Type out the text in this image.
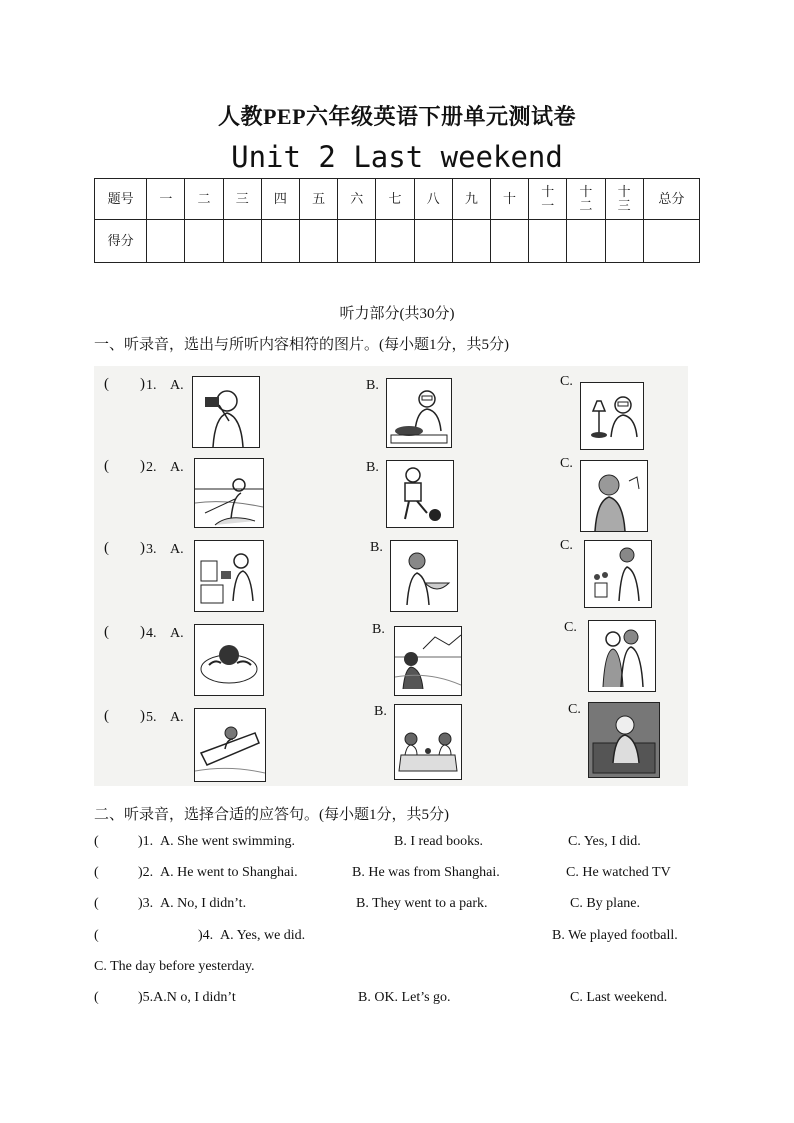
人教PEP六年级英语下册单元测试卷
Unit 2 Last weekend
题号	一	二	三	四	五	六	七	八	九	十	十一	十二	十三	总分
得分														
听力部分(共30分)
一、听录音，选出与所听内容相符的图片。(每小题1分，共5分)
( ) 1. A.	B.	C.
( ) 2. A.	B.	C.
( ) 3. A.	B.	C.
( ) 4. A.	B.	C.
( ) 5. A.	B.	C.
二、听录音，选择合适的应答句。(每小题1分，共5分)
(	)1. A. She went swimming.	B. I read books.	C. Yes, I did.
(	)2. A. He went to Shanghai.	B. He was from Shanghai.	C. He watched TV
(	)3. A. No, I didn’t.	B. They went to a park.	C. By plane.
(	)4. A. Yes, we did.	B. We played football.
C. The day before yesterday.
(	)5.A.N o, I didn’t	B. OK. Let’s go.	C. Last weekend.
